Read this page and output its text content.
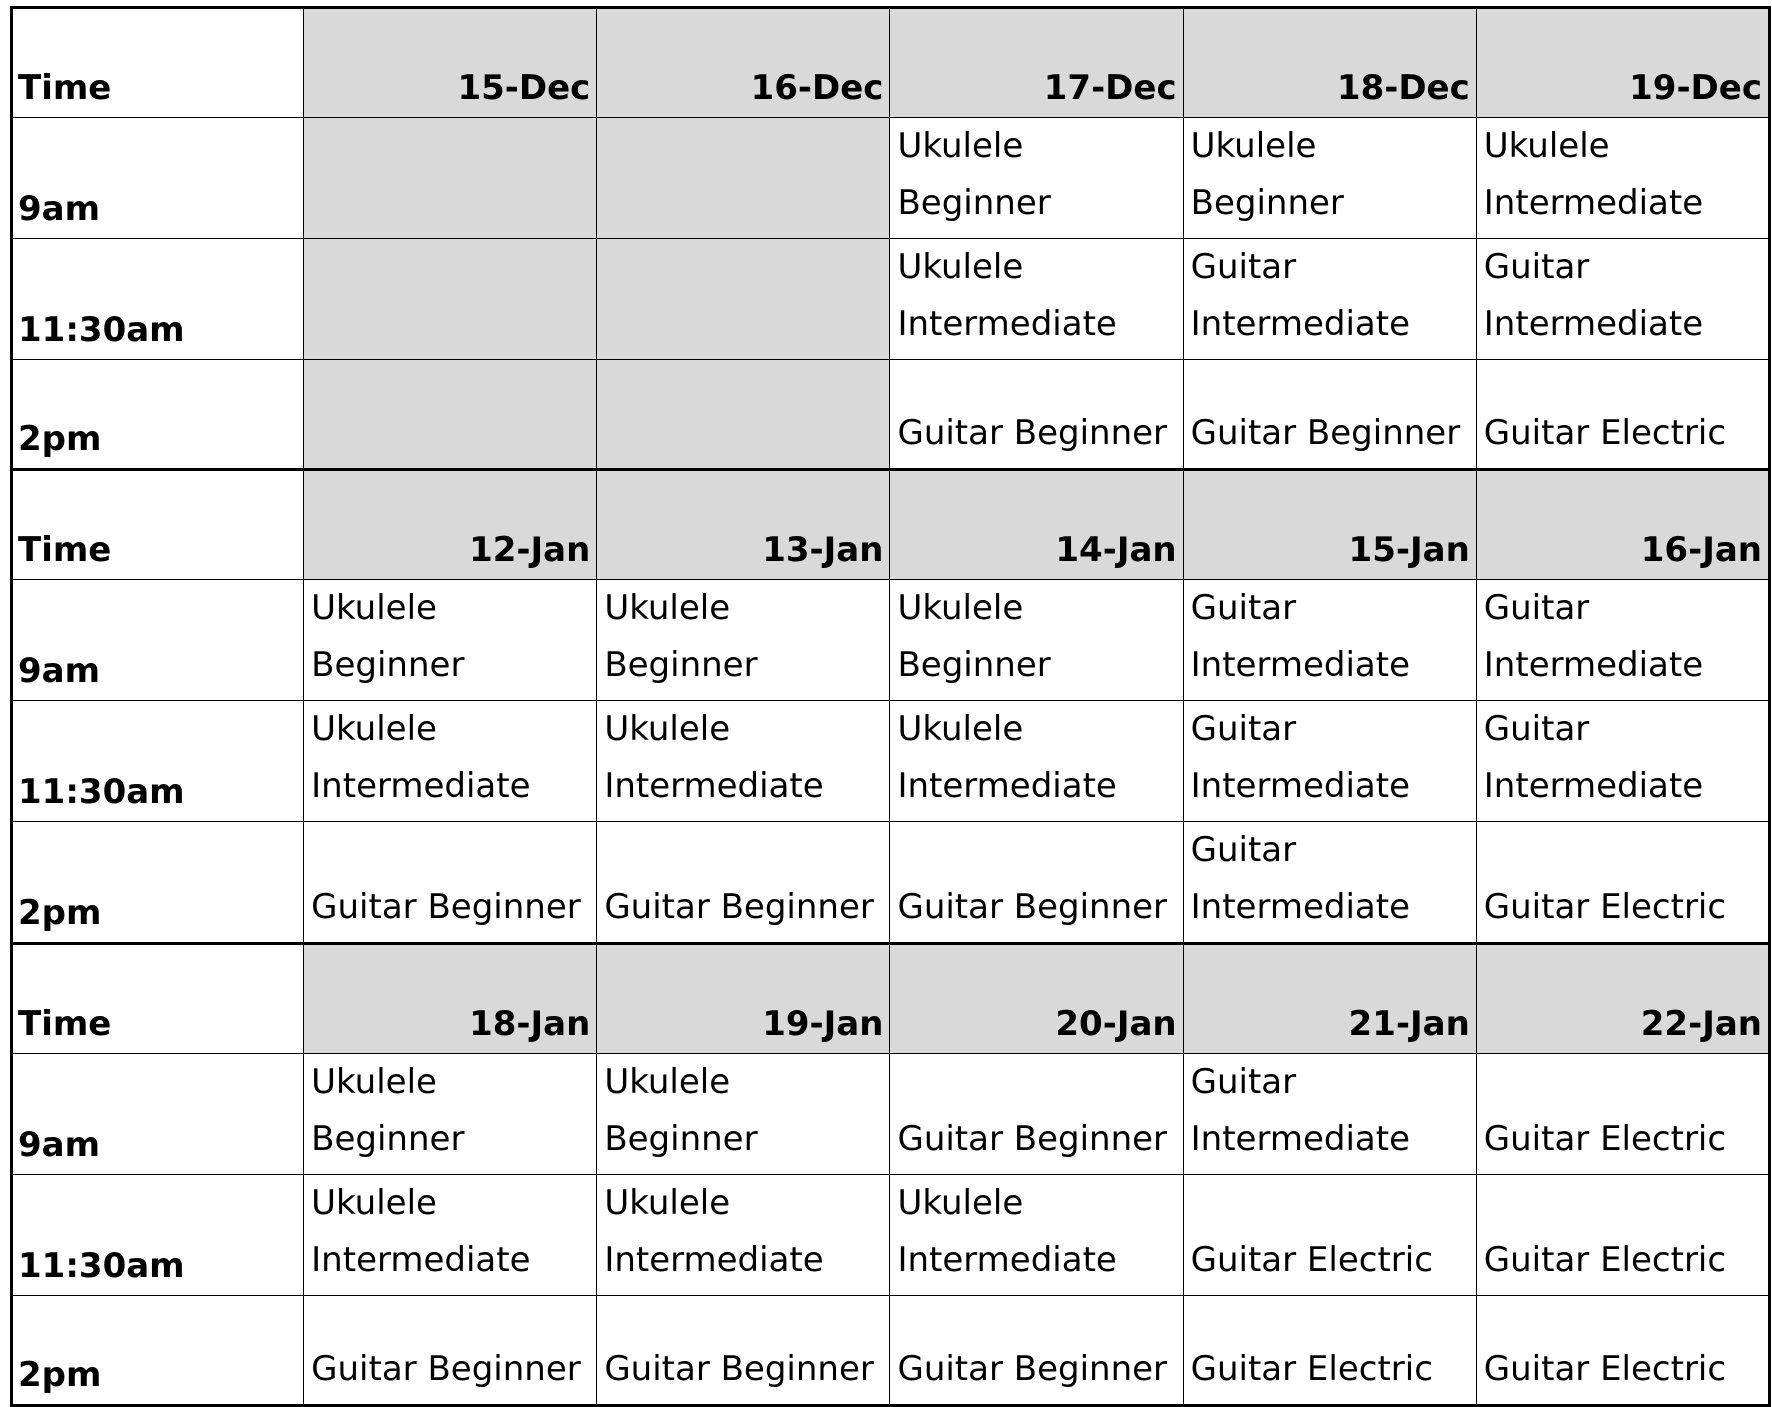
Time	15-Dec	16-Dec	17-Dec	18-Dec	19-Dec
9am			Ukulele Beginner	Ukulele Beginner	Ukulele Intermediate
11:30am			Ukulele Intermediate	Guitar Intermediate	Guitar Intermediate
2pm			Guitar Beginner	Guitar Beginner	Guitar Electric
Time	12-Jan	13-Jan	14-Jan	15-Jan	16-Jan
9am	Ukulele Beginner	Ukulele Beginner	Ukulele Beginner	Guitar Intermediate	Guitar Intermediate
11:30am	Ukulele Intermediate	Ukulele Intermediate	Ukulele Intermediate	Guitar Intermediate	Guitar Intermediate
2pm	Guitar Beginner	Guitar Beginner	Guitar Beginner	Guitar Intermediate	Guitar Electric
Time	18-Jan	19-Jan	20-Jan	21-Jan	22-Jan
9am	Ukulele Beginner	Ukulele Beginner	Guitar Beginner	Guitar Intermediate	Guitar Electric
11:30am	Ukulele Intermediate	Ukulele Intermediate	Ukulele Intermediate	Guitar Electric	Guitar Electric
2pm	Guitar Beginner	Guitar Beginner	Guitar Beginner	Guitar Electric	Guitar Electric
